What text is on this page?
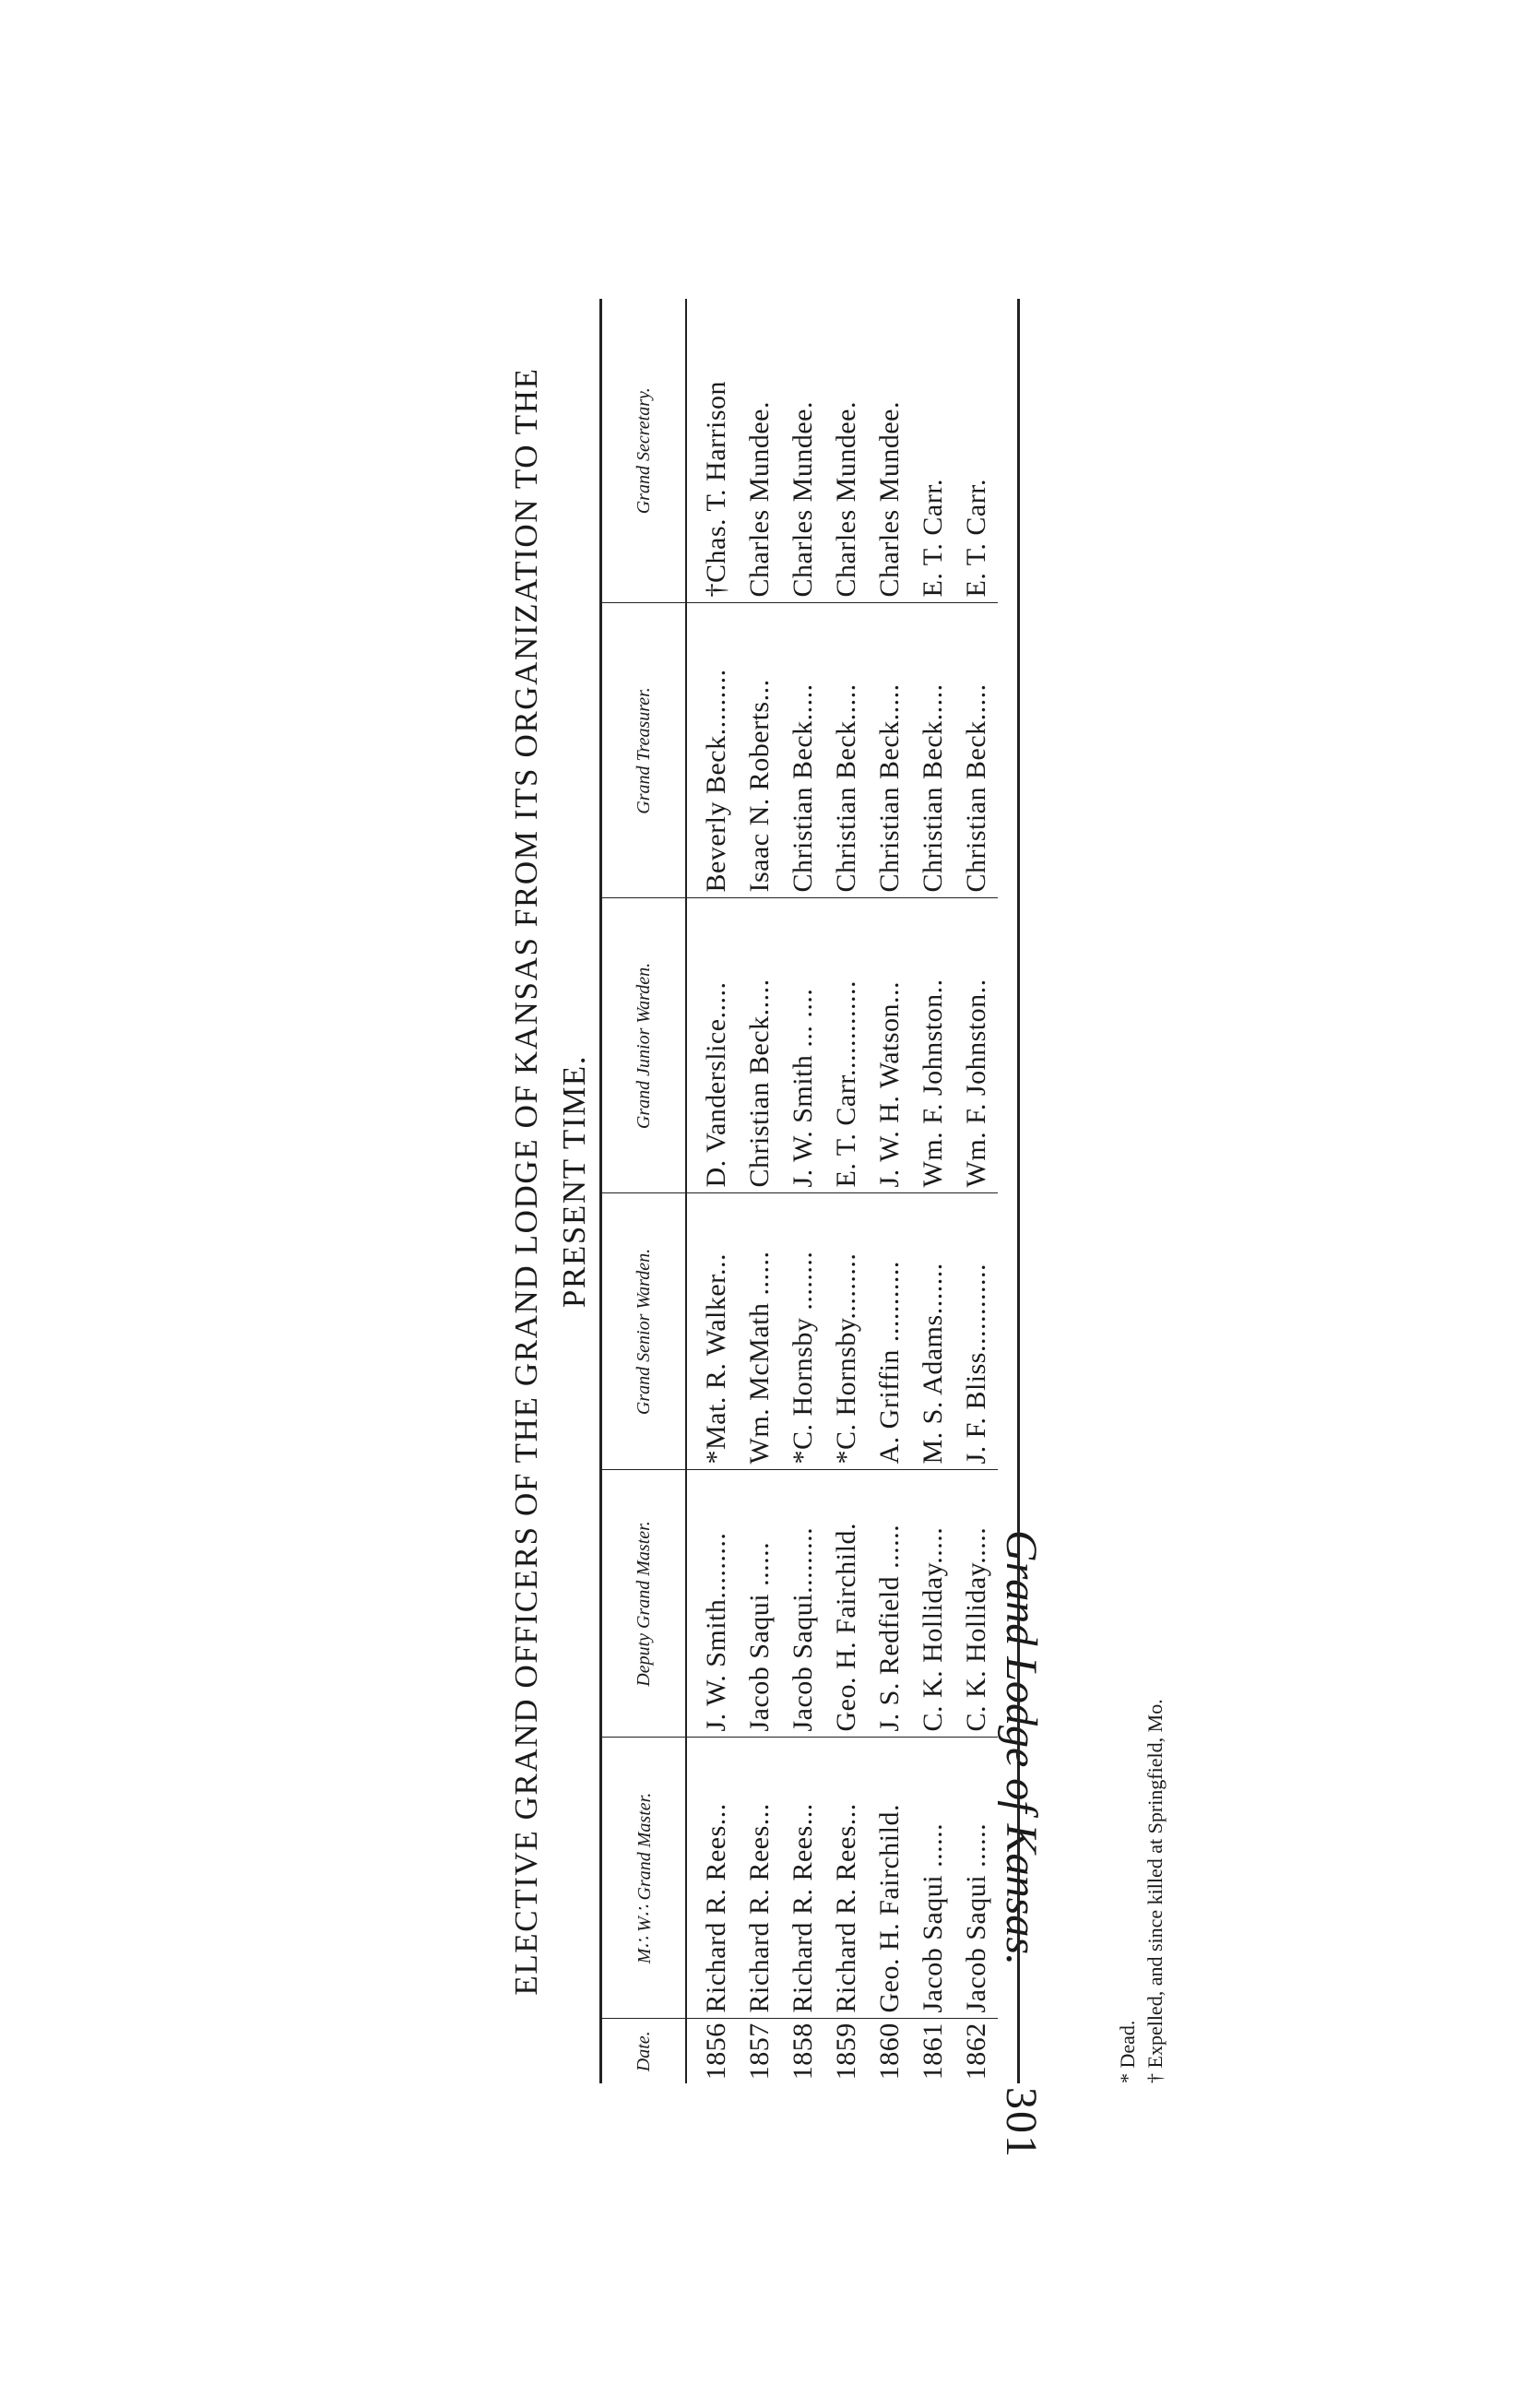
301
Grand Lodge of Kansas.
ELECTIVE GRAND OFFICERS OF THE GRAND LODGE OF KANSAS FROM ITS ORGANIZATION TO THE PRESENT TIME.
Date.	M∴ W∴ Grand Master.	Deputy Grand Master.	Grand Senior Warden.	Grand Junior Warden.	Grand Treasurer.	Grand Secretary.
1856	Richard R. Rees...	J. W. Smith.........	*Mat. R. Walker...	D. Vanderslice.....	Beverly Beck.........	†Chas. T. Harrison
1857	Richard R. Rees...	Jacob Saqui ......	Wm. McMath ......	Christian Beck.....	Isaac N. Roberts...	Charles Mundee.
1858	Richard R. Rees...	Jacob Saqui.........	*C. Hornsby ........	J. W. Smith ... ....	Christian Beck.....	Charles Mundee.
1859	Richard R. Rees...	Geo. H. Fairchild.	*C. Hornsby.........	E. T. Carr.............	Christian Beck.....	Charles Mundee.
1860	Geo. H. Fairchild.	J. S. Redfield ......	A. Griffin ...........	J. W. H. Watson...	Christian Beck.....	Charles Mundee.
1861	Jacob Saqui ......	C. K. Holliday.....	M. S. Adams.......	Wm. F. Johnston..	Christian Beck.....	E. T. Carr.
1862	Jacob Saqui ......	C. K. Holliday.....	J. F. Bliss............	Wm. F. Johnston..	Christian Beck.....	E. T. Carr.
* Dead. † Expelled, and since killed at Springfield, Mo.
